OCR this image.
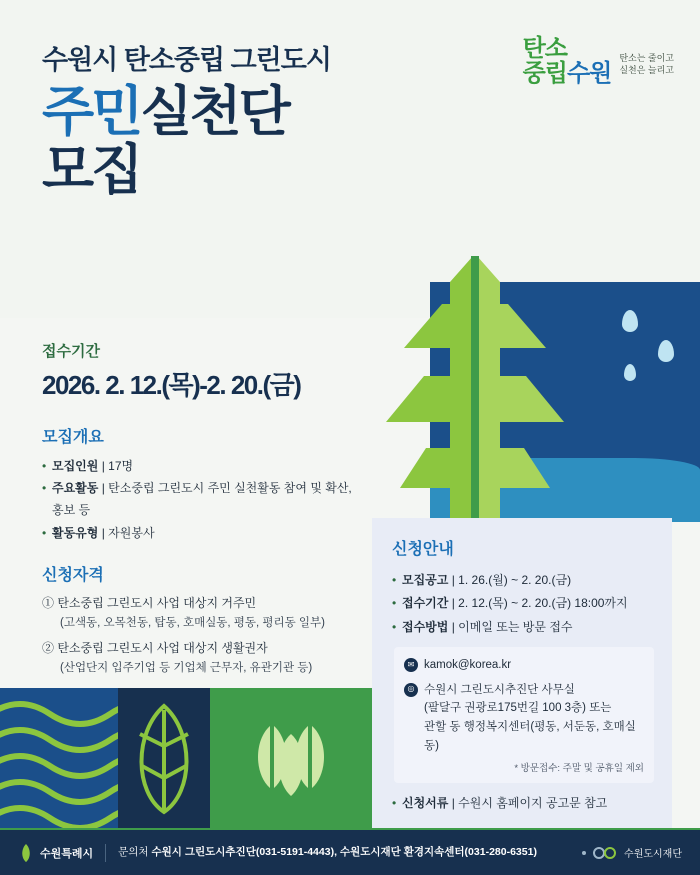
수원시 탄소중립 그린도시
주민실천단
모집
탄소
중립수원
탄소는 줄이고
실천은 늘리고
접수기간
2026. 2. 12.(목)-2. 20.(금)
모집개요
• 모집인원 | 17명
• 주요활동 | 탄소중립 그린도시 주민 실천활동 참여 및 확산, 홍보 등
• 활동유형 | 자원봉사
신청자격
① 탄소중립 그린도시 사업 대상지 거주민
(고색동, 오목천동, 탑동, 호매실동, 평동, 평리동 일부)
② 탄소중립 그린도시 사업 대상지 생활권자
(산업단지 입주기업 등 기업체 근무자, 유관기관 등)
신청안내
• 모집공고 | 1. 26.(월) ~ 2. 20.(금)
• 접수기간 | 2. 12.(목) ~ 2. 20.(금) 18:00까지
• 접수방법 | 이메일 또는 방문 접수
✉ kamok@korea.kr
◎ 수원시 그린도시추진단 사무실
(팔달구 권광로175번길 100 3층) 또는
관할 동 행정복지센터(평동, 서둔동, 호매실동)
* 방문접수: 주말 및 공휴일 제외
• 신청서류 | 수원시 홈페이지 공고문 참고
수원특례시 문의처 수원시 그린도시추진단(031-5191-4443), 수원도시재단 환경지속센터(031-280-6351)	수원도시재단
